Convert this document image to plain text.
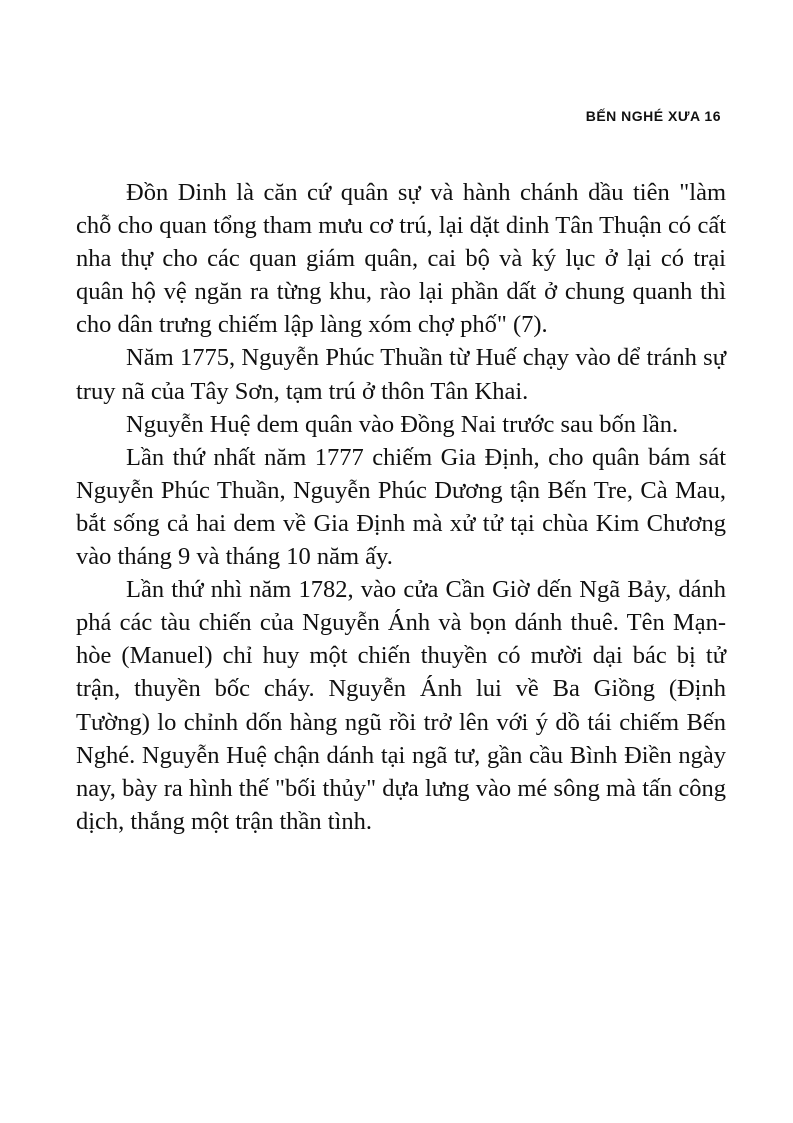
BẾN NGHÉ XƯA 16

Đồn Dinh là căn cứ quân sự và hành chánh dầu tiên "làm chỗ cho quan tổng tham mưu cơ trú, lại dặt dinh Tân Thuận có cất nha thự cho các quan giám quân, cai bộ và ký lục ở lại có trại quân hộ vệ ngăn ra từng khu, rào lại phần dất ở chung quanh thì cho dân trưng chiếm lập làng xóm chợ phố" (7).

Năm 1775, Nguyễn Phúc Thuần từ Huế chạy vào dể tránh sự truy nã của Tây Sơn, tạm trú ở thôn Tân Khai.

Nguyễn Huệ dem quân vào Đồng Nai trước sau bốn lần.

Lần thứ nhất năm 1777 chiếm Gia Định, cho quân bám sát Nguyễn Phúc Thuần, Nguyễn Phúc Dương tận Bến Tre, Cà Mau, bắt sống cả hai dem về Gia Định mà xử tử tại chùa Kim Chương vào tháng 9 và tháng 10 năm ấy.

Lần thứ nhì năm 1782, vào cửa Cần Giờ dến Ngã Bảy, dánh phá các tàu chiến của Nguyễn Ánh và bọn dánh thuê. Tên Mạn-hòe (Manuel) chỉ huy một chiến thuyền có mười dại bác bị tử trận, thuyền bốc cháy. Nguyễn Ánh lui về Ba Giồng (Định Tường) lo chỉnh dốn hàng ngũ rồi trở lên với ý dồ tái chiếm Bến Nghé. Nguyễn Huệ chận dánh tại ngã tư, gần cầu Bình Điền ngày nay, bày ra hình thế "bối thủy" dựa lưng vào mé sông mà tấn công dịch, thắng một trận thần tình.
